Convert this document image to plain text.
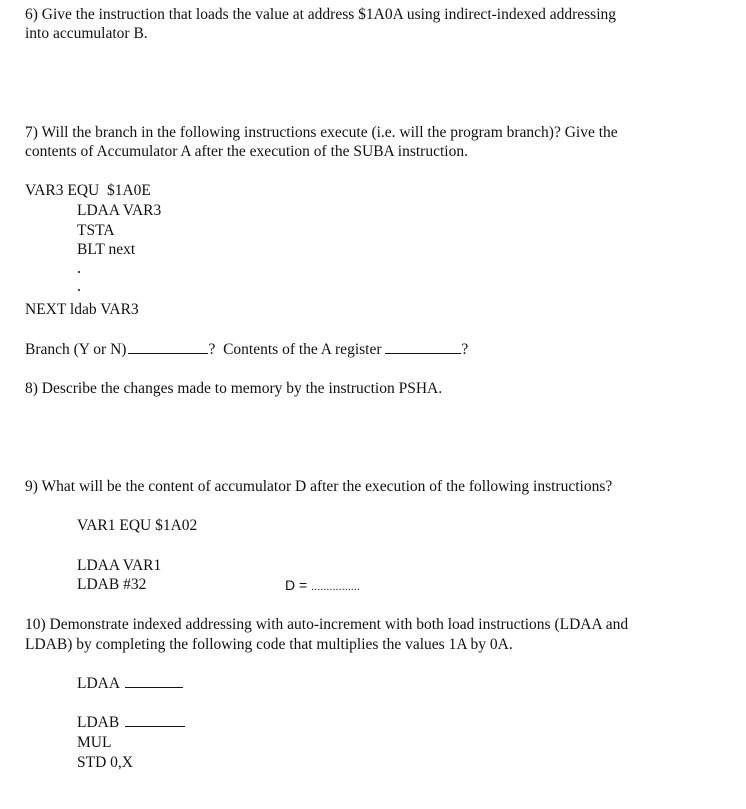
6) Give the instruction that loads the value at address $1A0A using indirect-indexed addressing
into accumulator B.
7) Will the branch in the following instructions execute (i.e. will the program branch)? Give the
contents of Accumulator A after the execution of the SUBA instruction.
VAR3 EQU  $1A0E
LDAA VAR3
TSTA
BLT next
NEXT ldab VAR3
Branch (Y or N)	? Contents of the A register	?
8) Describe the changes made to memory by the instruction PSHA.
9) What will be the content of accumulator D after the execution of the following instructions?
VAR1 EQU $1A02
LDAA VAR1
LDAB #32	D = ................
10) Demonstrate indexed addressing with auto-increment with both load instructions (LDAA and
LDAB) by completing the following code that multiplies the values 1A by 0A.
LDAA
LDAB
MUL
STD 0,X
